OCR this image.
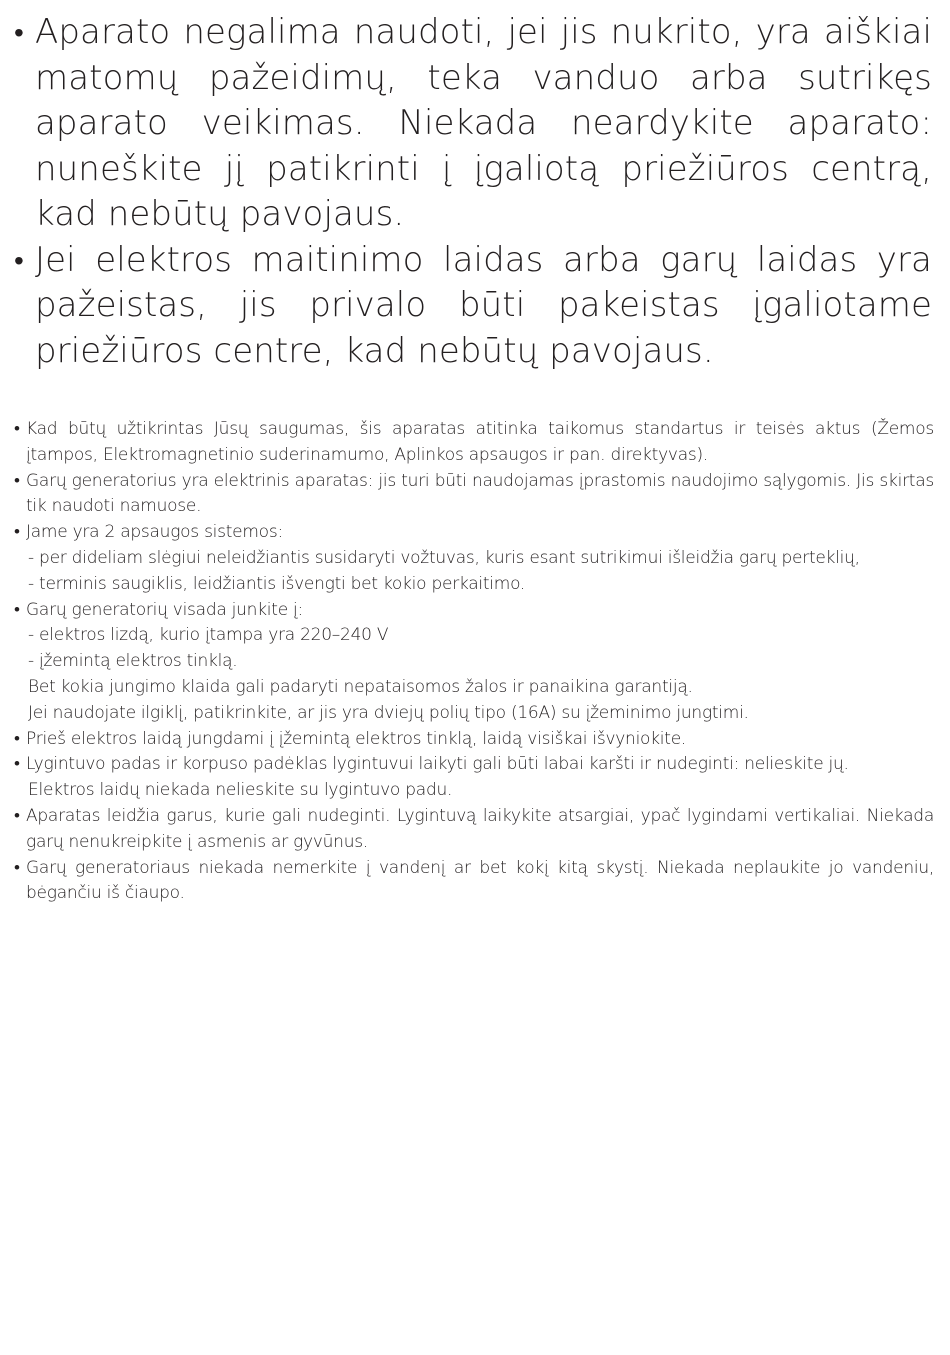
• Aparato negalima naudoti, jei jis nukrito, yra aiškiai matomų pažeidimų, teka vanduo arba sutrikęs aparato veikimas. Niekada neardykite aparato: nuneškite jį patikrinti į įgaliotą priežiūros centrą, kad nebūtų pavojaus.
• Jei elektros maitinimo laidas arba garų laidas yra pažeistas, jis privalo būti pakeistas įgaliotame priežiūros centre, kad nebūtų pavojaus.
• Kad būtų užtikrintas Jūsų saugumas, šis aparatas atitinka taikomus standartus ir teisės aktus (Žemos įtampos, Elektromagnetinio suderinamumo, Aplinkos apsaugos ir pan. direktyvas).
• Garų generatorius yra elektrinis aparatas: jis turi būti naudojamas įprastomis naudojimo sąlygomis. Jis skirtas tik naudoti namuose.
• Jame yra 2 apsaugos sistemos:
- per dideliam slėgiui neleidžiantis susidaryti vožtuvas, kuris esant sutrikimui išleidžia garų perteklių,
- terminis saugiklis, leidžiantis išvengti bet kokio perkaitimo.
• Garų generatorių visada junkite į:
- elektros lizdą, kurio įtampa yra 220–240 V
- įžemintą elektros tinklą.
Bet kokia jungimo klaida gali padaryti nepataisomos žalos ir panaikina garantiją.
Jei naudojate ilgiklį, patikrinkite, ar jis yra dviejų polių tipo (16A) su įžeminimo jungtimi.
• Prieš elektros laidą jungdami į įžemintą elektros tinklą, laidą visiškai išvyniokite.
• Lygintuvo padas ir korpuso padėklas lygintuvui laikyti gali būti labai karšti ir nudeginti: nelieskite jų.
Elektros laidų niekada nelieskite su lygintuvo padu.
• Aparatas leidžia garus, kurie gali nudeginti. Lygintuvą laikykite atsargiai, ypač lygindami vertikaliai. Niekada garų nenukreipkite į asmenis ar gyvūnus.
• Garų generatoriaus niekada nemerkite į vandenį ar bet kokį kitą skystį. Niekada neplaukite jo vandeniu, bėgančiu iš čiaupo.
